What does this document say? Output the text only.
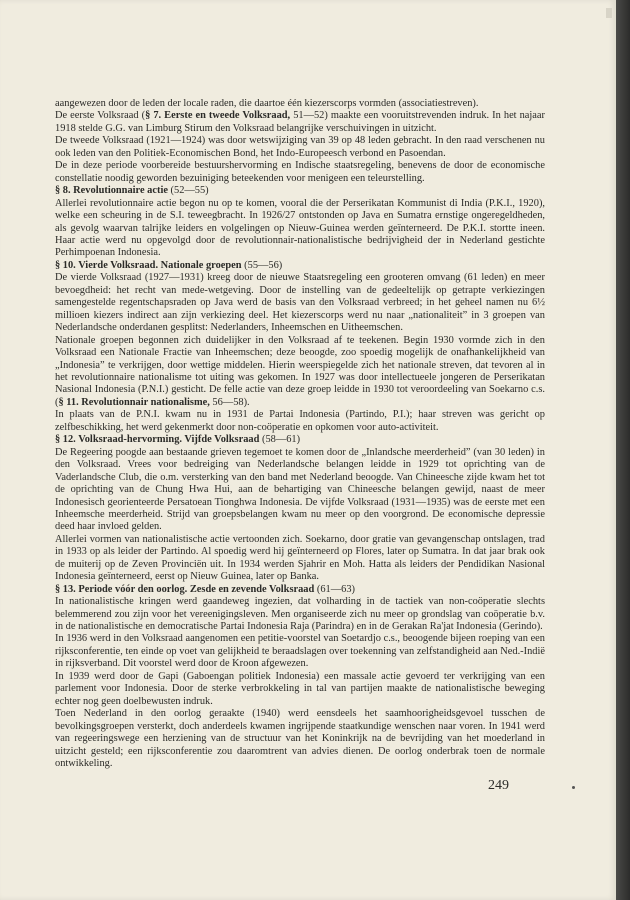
aangewezen door de leden der locale raden, die daartoe één kiezerscorps vormden (associatiestreven).

De eerste Volksraad (§ 7. Eerste en tweede Volksraad, 51—52) maakte een vooruitstrevenden indruk. In het najaar 1918 stelde G.G. van Limburg Stirum den Volksraad belangrijke verschuivingen in uitzicht.

De tweede Volksraad (1921—1924) was door wetswijziging van 39 op 48 leden gebracht. In den raad verschenen nu ook leden van den Politiek-Economischen Bond, het Indo-Europeesch verbond en Pasoendan.

De in deze periode voorbereide bestuurshervorming en Indische staatsregeling, benevens de door de economische constellatie noodig geworden bezuiniging beteekenden voor menigeen een teleurstelling.

§ 8. Revolutionnaire actie (52—55)

Allerlei revolutionnaire actie begon nu op te komen, vooral die der Perserikatan Kommunist di India (P.K.I., 1920), welke een scheuring in de S.I. teweegbracht. In 1926/27 ontstonden op Java en Sumatra ernstige ongeregeldheden, als gevolg waarvan talrijke leiders en volgelingen op Nieuw-Guinea werden geïnterneerd. De P.K.I. stortte ineen. Haar actie werd nu opgevolgd door de revolutionnair-nationalistische bedrijvigheid der in Nederland gestichte Perhimpoenan Indonesia.

§ 10. Vierde Volksraad. Nationale groepen (55—56)

De vierde Volksraad (1927—1931) kreeg door de nieuwe Staatsregeling een grooteren omvang (61 leden) en meer bevoegdheid: het recht van mede-wetgeving. Door de instelling van de gedeeltelijk op getrapte verkiezingen samengestelde regentschapsraden op Java werd de basis van den Volksraad verbreed; in het geheel namen nu 6½ millioen kiezers indirect aan zijn verkiezing deel. Het kiezerscorps werd nu naar „nationaliteit” in 3 groepen van Nederlandsche onderdanen gesplitst: Nederlanders, Inheemschen en Uitheemschen.

Nationale groepen begonnen zich duidelijker in den Volksraad af te teekenen. Begin 1930 vormde zich in den Volksraad een Nationale Fractie van Inheemschen; deze beoogde, zoo spoedig mogelijk de onafhankelijkheid van „Indonesia” te verkrijgen, door wettige middelen. Hierin weerspiegelde zich het nationale streven, dat tevoren al in het revolutionnaire nationalisme tot uiting was gekomen. In 1927 was door intellectueele jongeren de Perserikatan Nasional Indonesia (P.N.I.) gesticht. De felle actie van deze groep leidde in 1930 tot veroordeeling van Soekarno c.s. (§ 11. Revolutionnair nationalisme, 56—58).

In plaats van de P.N.I. kwam nu in 1931 de Partai Indonesia (Partindo, P.I.); haar streven was gericht op zelfbeschikking, het werd gekenmerkt door non-coöperatie en opkomen voor auto-activiteit.

§ 12. Volksraad-hervorming. Vijfde Volksraad (58—61)

De Regeering poogde aan bestaande grieven tegemoet te komen door de „Inlandsche meerderheid” (van 30 leden) in den Volksraad. Vrees voor bedreiging van Nederlandsche belangen leidde in 1929 tot oprichting van de Vaderlandsche Club, die o.m. versterking van den band met Nederland beoogde. Van Chineesche zijde kwam het tot de oprichting van de Chung Hwa Hui, aan de behartiging van Chineesche belangen gewijd, naast de meer Indonesisch georienteerde Persatoean Tionghwa Indonesia. De vijfde Volksraad (1931—1935) was de eerste met een Inheemsche meerderheid. Strijd van groepsbelangen kwam nu meer op den voorgrond. De economische depressie deed haar invloed gelden.

Allerlei vormen van nationalistische actie vertoonden zich. Soekarno, door gratie van gevangenschap ontslagen, trad in 1933 op als leider der Partindo. Al spoedig werd hij geïnterneerd op Flores, later op Sumatra. In dat jaar brak ook de muiterij op de Zeven Provinciën uit. In 1934 werden Sjahrir en Moh. Hatta als leiders der Pendidikan Nasional Indonesia geïnterneerd, eerst op Nieuw Guinea, later op Banka.

§ 13. Periode vóór den oorlog. Zesde en zevende Volksraad (61—63)

In nationalistische kringen werd gaandeweg ingezien, dat volharding in de tactiek van non-coöperatie slechts belemmerend zou zijn voor het vereenigingsleven. Men organiseerde zich nu meer op grondslag van coöperatie b.v. in de nationalistische en democratische Partai Indonesia Raja (Parindra) en in de Gerakan Ra'jat Indonesia (Gerindo).

In 1936 werd in den Volksraad aangenomen een petitie-voorstel van Soetardjo c.s., beoogende bijeen roeping van een rijksconferentie, ten einde op voet van gelijkheid te beraadslagen over toekenning van zelfstandigheid aan Ned.-Indië in rijksverband. Dit voorstel werd door de Kroon afgewezen.

In 1939 werd door de Gapi (Gaboengan politiek Indonesia) een massale actie gevoerd ter verkrijging van een parlement voor Indonesia. Door de sterke verbrokkeling in tal van partijen maakte de nationalistische beweging echter nog geen doelbewusten indruk.

Toen Nederland in den oorlog geraakte (1940) werd eensdeels het saamhoorigheidsgevoel tusschen de bevolkingsgroepen versterkt, doch anderdeels kwamen ingrijpende staatkundige wenschen naar voren. In 1941 werd van regeeringswege een herziening van de structuur van het Koninkrijk na de bevrijding van het moederland in uitzicht gesteld; een rijksconferentie zou daaromtrent van advies dienen. De oorlog onderbrak toen de normale ontwikkeling.

249
